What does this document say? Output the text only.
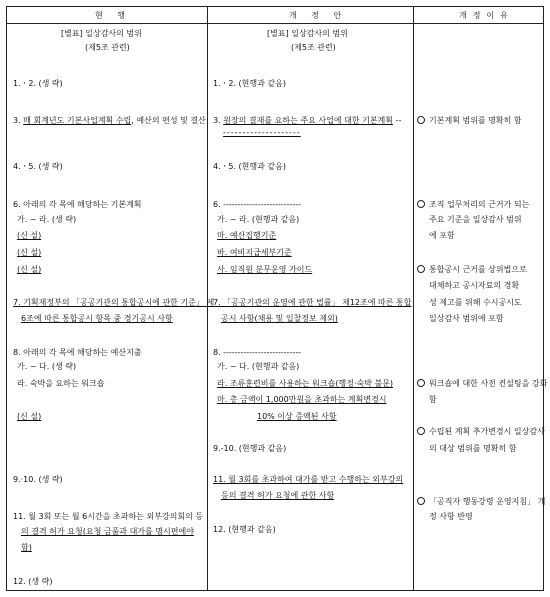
현 행	개 정 안	개정이유
[별표] 일상감사의 범위
(제5조 관련)
1.ㆍ2. (생 략)
3. 매 회계년도 기본사업계획 수립, 예산의 편성 및 결산
4.ㆍ5. (생 략)
6. 아래의 각 목에 해당하는 기본계획
가. ~ 라. (생 략)
(신 설)
(신 설)
(신 설)
7. 기획재정부의 「공공기관의 통합공시에 관한 기준」 제
6조에 따른 통합공시 항목 중 경기공시 사항
8. 아래의 각 목에 해당하는 예산지출
가. ~ 다. (생 략)
라. 숙박을 요하는 워크숍
(신 설)
9.·10. (생 략)
11. 월 3회 또는 월 6시간을 초과하는 외부강의회의 등
의 결격 허가 요청(요청 금품과 대가를 명시편에야
함)
12. (생 략)
[별표] 일상감사의 범위
(제5조 관련)
1.ㆍ2. (현행과 같음)
3. 원장의 결재를 요하는 주요 사업에 대한 기본계획 --
--------------------
4.ㆍ5. (현행과 같음)
6. ---------------------------
가. ~ 라. (현행과 같음)
마. 예산집행기준
바. 여비지급세부기준
사. 임직원 분무운영 가이드
7. 「공공기관의 운영에 관한 법률」 제12조에 따른 통합
공시 사항(채용 및 입찰정보 제외)
8. ---------------------------
가. ~ 다. (현행과 같음)
라. 조류훈련비를 사용하는 워크숍(행정·숙박 불문)
마. 총 금액이 1,000만원을 초과하는 계획변경시
10% 이상 증액된 사항
9.-10. (현행과 같음)
11. 월 3회를 초과하여 대가를 받고 수행하는 외부강의
등의 결격 허가 요청에 관한 사항
12. (현행과 같음)
기본계획 범위를 명확히 함
조직 업무처리의 근거가 되는
주요 기준을 일상감사 범위
에 포함
통합공시 근거를 상위법으로
대체하고 공시자료의 경확
성 제고를 위해 수시공시도
일상감사 범위에 포함
워크숍에 대한 사전 컨설팅을 강화
함
수립된 계획 추가변경시 일상감사
의 대상 범위를 명확히 함
「공직자 행동강령 운영지침」 개
정 사항 반영
